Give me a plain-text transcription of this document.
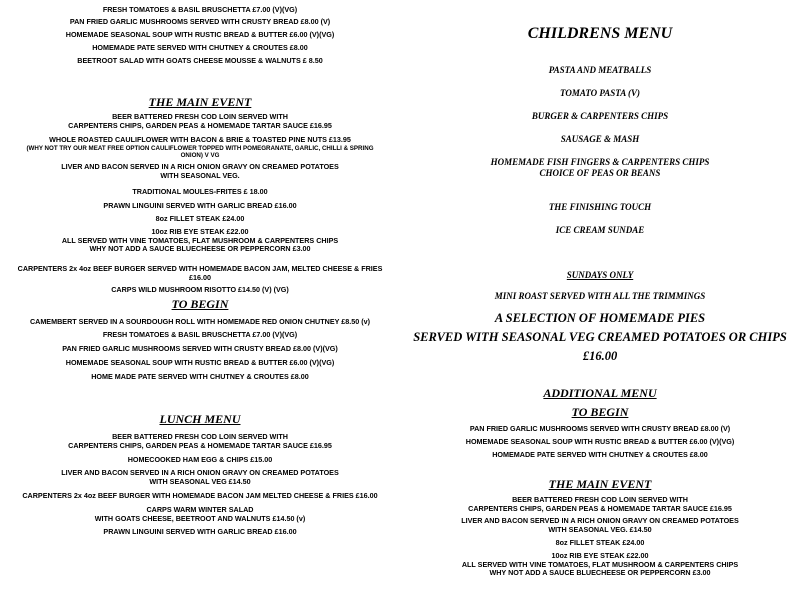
FRESH TOMATOES & BASIL BRUSCHETTA £7.00 (V)(VG)

PAN FRIED GARLIC MUSHROOMS SERVED WITH CRUSTY BREAD £8.00 (V)

HOMEMADE SEASONAL SOUP WITH RUSTIC BREAD & BUTTER £6.00 (V)(VG)

HOMEMADE PATE SERVED WITH CHUTNEY & CROUTES £8.00

BEETROOT SALAD WITH GOATS CHEESE MOUSSE & WALNUTS £ 8.50

THE MAIN EVENT
BEER BATTERED FRESH COD LOIN SERVED WITH
CARPENTERS CHIPS, GARDEN PEAS & HOMEMADE TARTAR SAUCE £16.95
WHOLE ROASTED CAULIFLOWER WITH BACON & BRIE & TOASTED PINE NUTS £13.95
(WHY NOT TRY OUR MEAT FREE OPTION CAULIFLOWER TOPPED WITH POMEGRANATE, GARLIC, CHILLI & SPRING
ONION) V VG
LIVER AND BACON SERVED IN A RICH ONION GRAVY ON CREAMED POTATOES
WITH SEASONAL VEG.

TRADITIONAL MOULES-FRITES £ 18.00

PRAWN LINGUINI SERVED WITH GARLIC BREAD £16.00

8oz FILLET STEAK £24.00

10oz RIB EYE STEAK £22.00
ALL SERVED WITH VINE TOMATOES, FLAT MUSHROOM & CARPENTERS CHIPS
WHY NOT ADD A SAUCE BLUECHEESE OR PEPPERCORN £3.00
CARPENTERS 2x 4oz BEEF BURGER SERVED WITH HOMEMADE BACON JAM, MELTED CHEESE & FRIES
£16.00

CARPS WILD MUSHROOM RISOTTO £14.50 (V) (VG)

TO BEGIN

CAMEMBERT SERVED IN A SOURDOUGH ROLL WITH HOMEMADE RED ONION CHUTNEY £8.50 (v)

FRESH TOMATOES & BASIL BRUSCHETTA £7.00 (V)(VG)

PAN FRIED GARLIC MUSHROOMS SERVED WITH CRUSTY BREAD £8.00 (V)(VG)

HOMEMADE SEASONAL SOUP WITH RUSTIC BREAD & BUTTER £6.00 (V)(VG)

HOME MADE PATE SERVED WITH CHUTNEY & CROUTES £8.00

LUNCH MENU
BEER BATTERED FRESH COD LOIN SERVED WITH
CARPENTERS CHIPS, GARDEN PEAS & HOMEMADE TARTAR SAUCE £16.95

HOMECOOKED HAM EGG & CHIPS £15.00

LIVER AND BACON SERVED IN A RICH ONION GRAVY ON CREAMED POTATOES
WITH SEASONAL VEG £14.50

CARPENTERS 2x 4oz BEEF BURGER WITH HOMEMADE BACON JAM MELTED CHEESE & FRIES £16.00

CARPS WARM WINTER SALAD
WITH GOATS CHEESE, BEETROOT AND WALNUTS £14.50 (v)

PRAWN LINGUINI SERVED WITH GARLIC BREAD £16.00

CHILDRENS MENU

PASTA AND MEATBALLS

TOMATO PASTA (V)

BURGER & CARPENTERS CHIPS

SAUSAGE & MASH

HOMEMADE FISH FINGERS & CARPENTERS CHIPS

CHOICE OF PEAS OR BEANS

THE FINISHING TOUCH

ICE CREAM SUNDAE

SUNDAYS ONLY

MINI ROAST SERVED WITH ALL THE TRIMMINGS

A SELECTION OF HOMEMADE PIES

SERVED WITH SEASONAL VEG CREAMED POTATOES OR CHIPS

£16.00

ADDITIONAL MENU
TO BEGIN

PAN FRIED GARLIC MUSHROOMS SERVED WITH CRUSTY BREAD £8.00 (V)

HOMEMADE SEASONAL SOUP WITH RUSTIC BREAD & BUTTER £6.00 (V)(VG)

HOMEMADE PATE SERVED WITH CHUTNEY & CROUTES £8.00

THE MAIN EVENT
BEER BATTERED FRESH COD LOIN SERVED WITH
CARPENTERS CHIPS, GARDEN PEAS & HOMEMADE TARTAR SAUCE £16.95
LIVER AND BACON SERVED IN A RICH ONION GRAVY ON CREAMED POTATOES
WITH SEASONAL VEG. £14.50

8oz FILLET STEAK £24.00

10oz RIB EYE STEAK £22.00
ALL SERVED WITH VINE TOMATOES, FLAT MUSHROOM & CARPENTERS CHIPS
WHY NOT ADD A SAUCE BLUECHEESE OR PEPPERCORN £3.00
